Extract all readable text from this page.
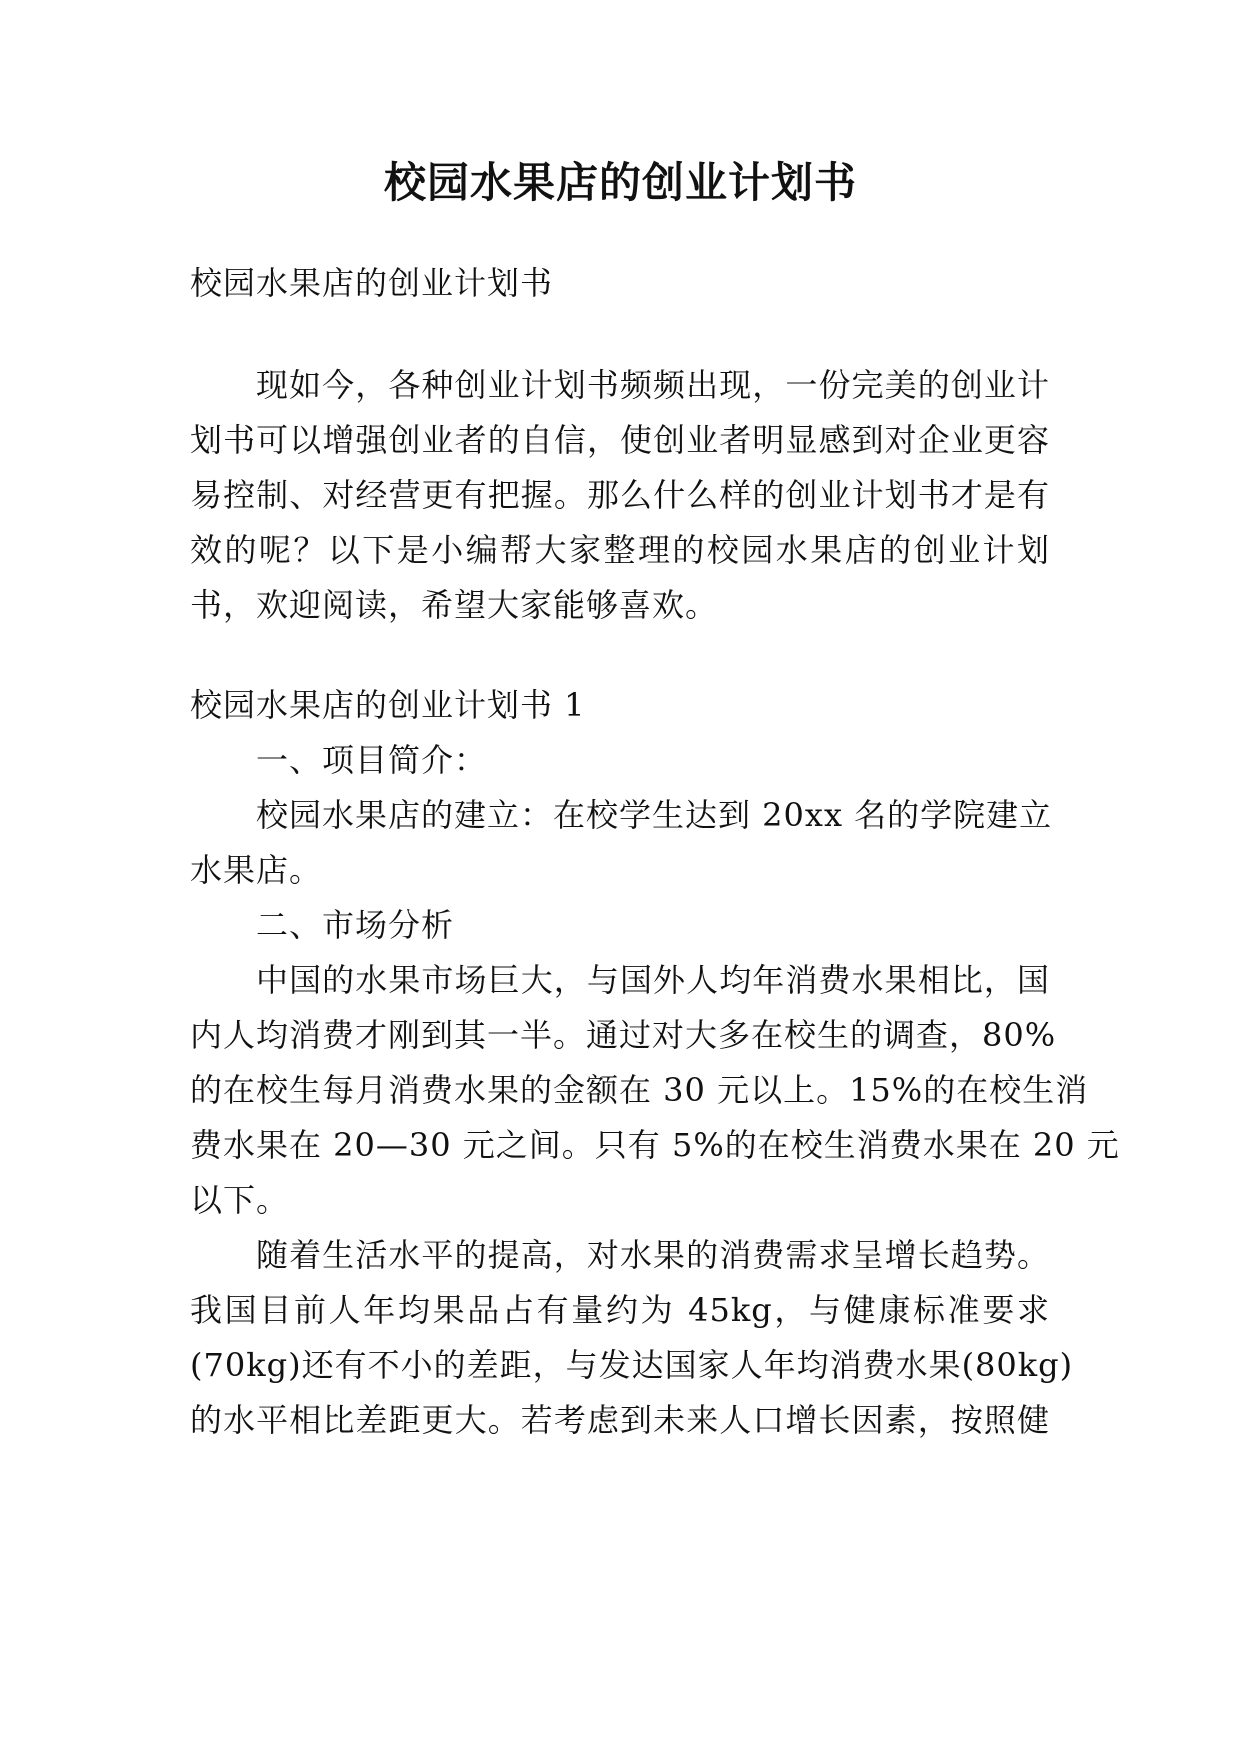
校园水果店的创业计划书

校园水果店的创业计划书

现如今，各种创业计划书频频出现，一份完美的创业计

划书可以增强创业者的自信，使创业者明显感到对企业更容

易控制、对经营更有把握。那么什么样的创业计划书才是有

效的呢？以下是小编帮大家整理的校园水果店的创业计划

书，欢迎阅读，希望大家能够喜欢。

校园水果店的创业计划书 1

一、项目简介：

校园水果店的建立：在校学生达到 20xx 名的学院建立

水果店。

二、市场分析

中国的水果市场巨大，与国外人均年消费水果相比，国

内人均消费才刚到其一半。通过对大多在校生的调查，80%

的在校生每月消费水果的金额在 30 元以上。15%的在校生消

费水果在 20—30 元之间。只有 5%的在校生消费水果在 20 元

以下。

随着生活水平的提高，对水果的消费需求呈增长趋势。

我国目前人年均果品占有量约为 45kg，与健康标准要求

(70kg)还有不小的差距，与发达国家人年均消费水果(80kg)

的水平相比差距更大。若考虑到未来人口增长因素，按照健
